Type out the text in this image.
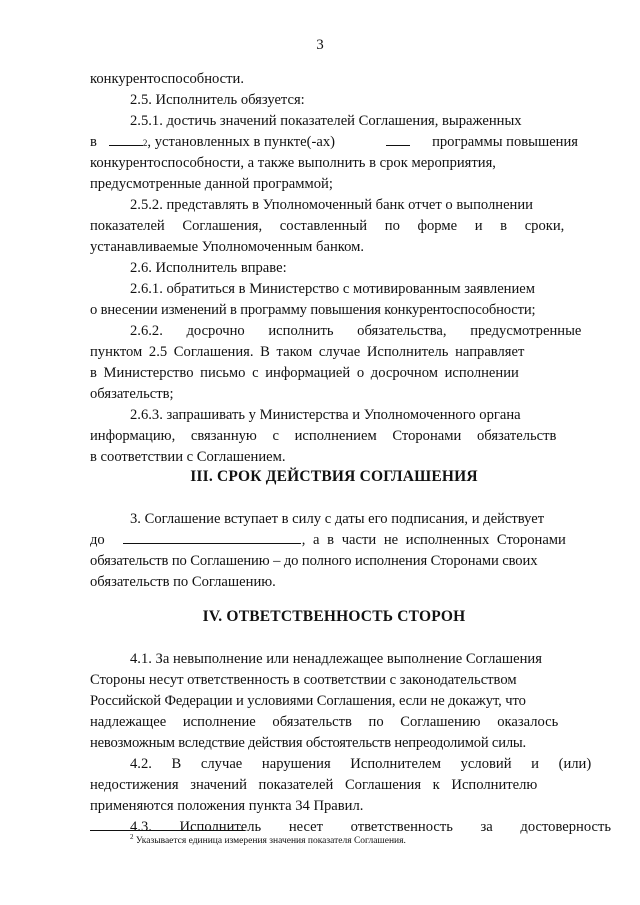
3
конкурентоспособности.
2.5. Исполнитель обязуется:
2.5.1. достичь значений показателей Соглашения, выраженных
в	2 , установленных в пункте(-ах)	программы повышения
конкурентоспособности, а также выполнить в срок мероприятия,
предусмотренные данной программой;
2.5.2. представлять в Уполномоченный банк отчет о выполнении
показателей Соглашения, составленный по форме и в сроки,
устанавливаемые Уполномоченным банком.
2.6. Исполнитель вправе:
2.6.1. обратиться в Министерство с мотивированным заявлением
о внесении изменений в программу повышения конкурентоспособности;
2.6.2. досрочно исполнить обязательства, предусмотренные
пунктом 2.5 Соглашения. В таком случае Исполнитель направляет
в Министерство письмо с информацией о досрочном исполнении
обязательств;
2.6.3. запрашивать у Министерства и Уполномоченного органа
информацию, связанную с исполнением Сторонами обязательств
в соответствии с Соглашением.
III. СРОК ДЕЙСТВИЯ СОГЛАШЕНИЯ
3. Соглашение вступает в силу с даты его подписания, и действует
до	, а в части не исполненных Сторонами
обязательств по Соглашению – до полного исполнения Сторонами своих
обязательств по Соглашению.
IV. ОТВЕТСТВЕННОСТЬ СТОРОН
4.1. За невыполнение или ненадлежащее выполнение Соглашения
Стороны несут ответственность в соответствии с законодательством
Российской Федерации и условиями Соглашения, если не докажут, что
надлежащее исполнение обязательств по Соглашению оказалось
невозможным вследствие действия обстоятельств непреодолимой силы.
4.2. В случае нарушения Исполнителем условий и (или)
недостижения значений показателей Соглашения к Исполнителю
применяются положения пункта 34 Правил.
4.3. Исполнитель несет ответственность за достоверность
$^2$ Указывается единица измерения значения показателя Соглашения.
